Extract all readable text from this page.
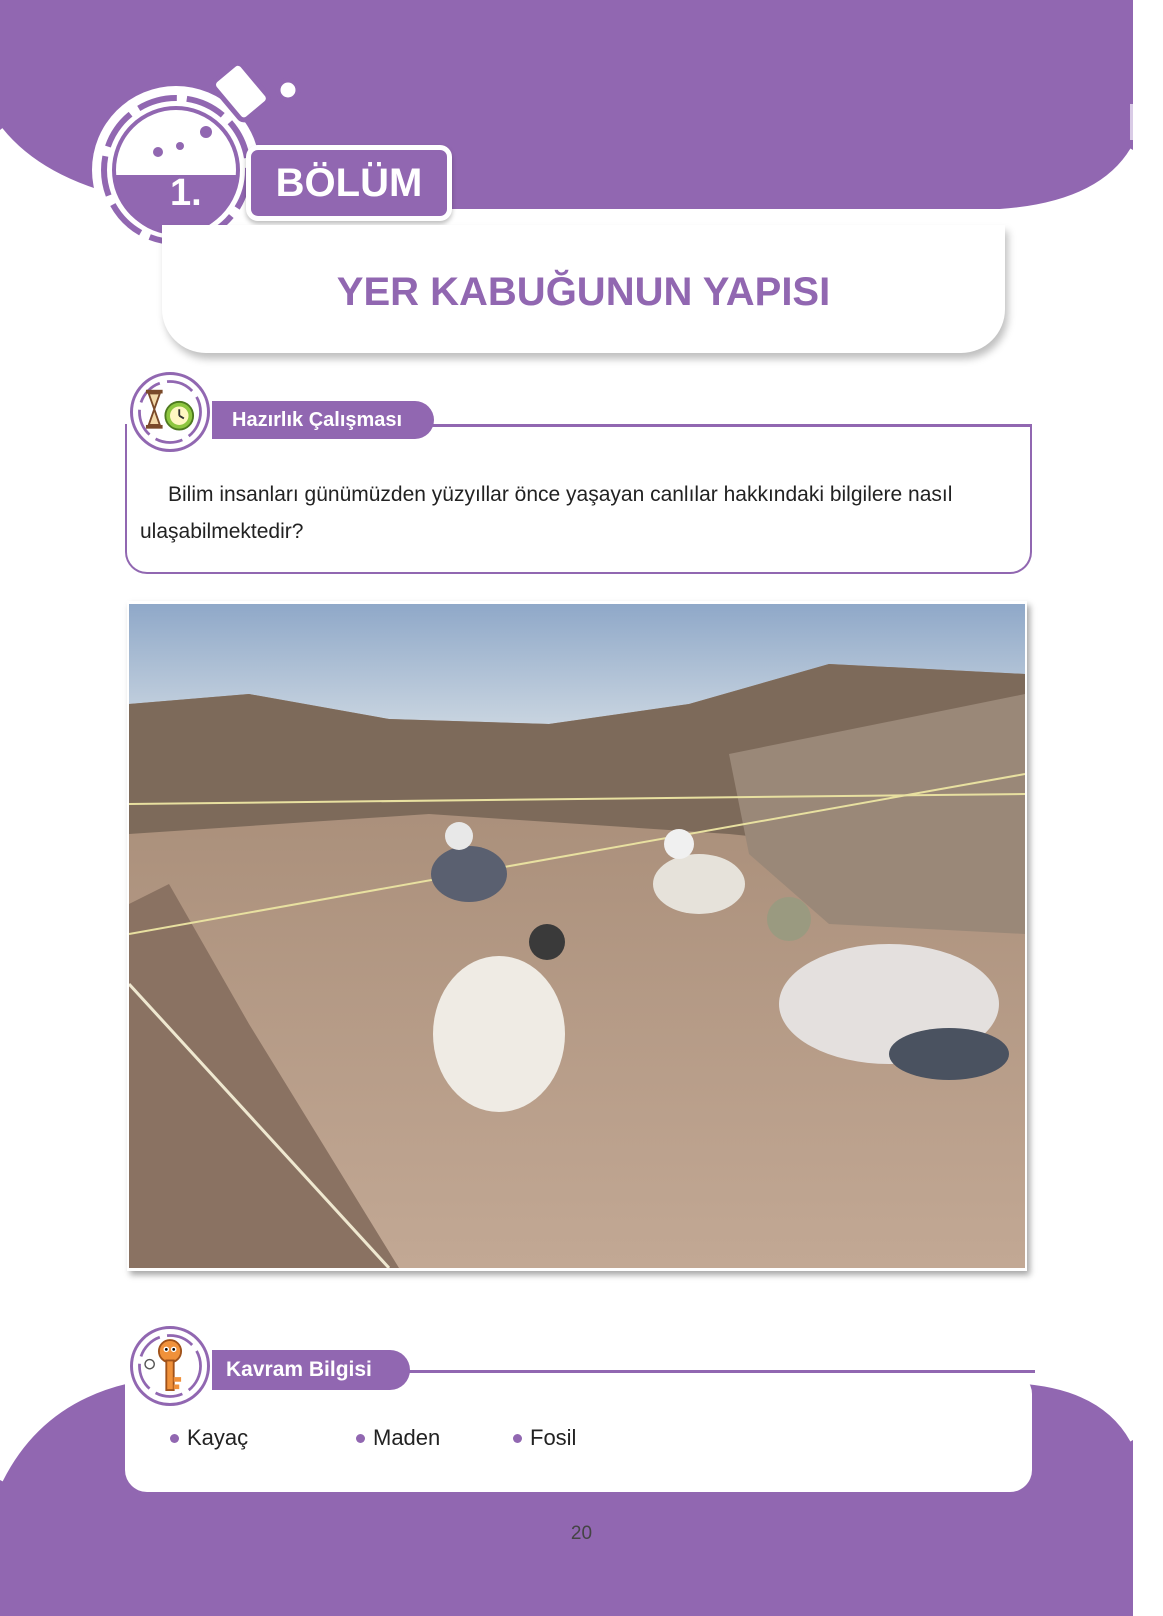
1.	BÖLÜM
YER KABUĞUNUN YAPISI
Hazırlık Çalışması
Bilim insanları günümüzden yüzyıllar önce yaşayan canlılar hakkındaki bilgilere nasıl ulaşabilmektedir?
Kavram Bilgisi
Kayaç	Maden	Fosil
20
